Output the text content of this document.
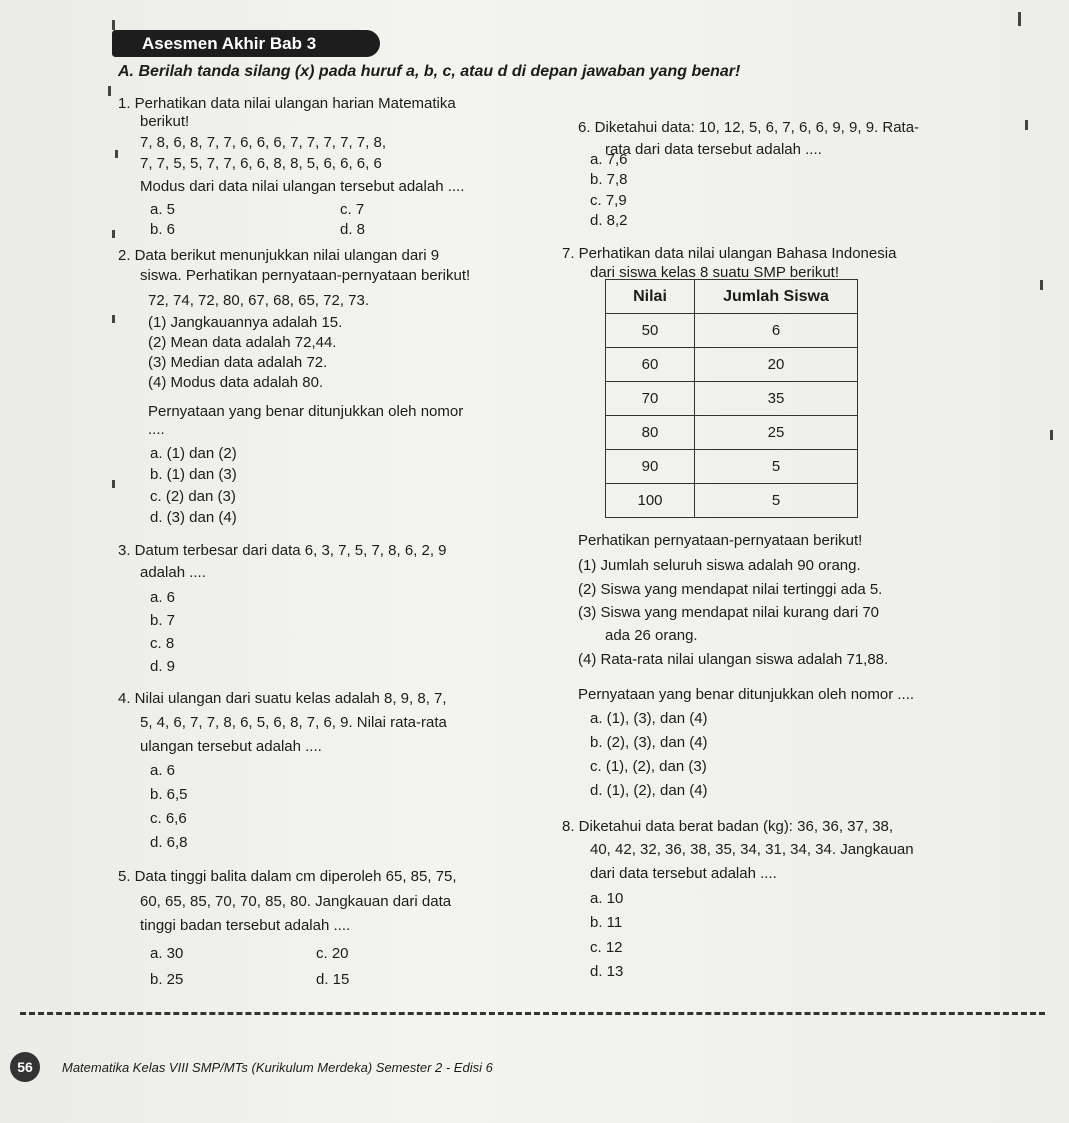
Asesmen Akhir Bab 3
A. Berilah tanda silang (x) pada huruf a, b, c, atau d di depan jawaban yang benar!
1. Perhatikan data nilai ulangan harian Matematika
berikut!
7, 8, 6, 8, 7, 7, 6, 6, 6, 7, 7, 7, 7, 7, 8,
7, 7, 5, 5, 7, 7, 6, 6, 8, 8, 5, 6, 6, 6, 6
Modus dari data nilai ulangan tersebut adalah ....
a. 5
b. 6
c. 7
d. 8
2. Data berikut menunjukkan nilai ulangan dari 9
siswa. Perhatikan pernyataan-pernyataan berikut!
72, 74, 72, 80, 67, 68, 65, 72, 73.
(1) Jangkauannya adalah 15.
(2) Mean data adalah 72,44.
(3) Median data adalah 72.
(4) Modus data adalah 80.
Pernyataan yang benar ditunjukkan oleh nomor
....
a. (1) dan (2)
b. (1) dan (3)
c. (2) dan (3)
d. (3) dan (4)
3. Datum terbesar dari data 6, 3, 7, 5, 7, 8, 6, 2, 9
adalah ....
a. 6
b. 7
c. 8
d. 9
4. Nilai ulangan dari suatu kelas adalah 8, 9, 8, 7,
5, 4, 6, 7, 7, 8, 6, 5, 6, 8, 7, 6, 9. Nilai rata-rata
ulangan tersebut adalah ....
a. 6
b. 6,5
c. 6,6
d. 6,8
5. Data tinggi balita dalam cm diperoleh 65, 85, 75,
60, 65, 85, 70, 70, 85, 80. Jangkauan dari data
tinggi badan tersebut adalah ....
a. 30
b. 25
c. 20
d. 15
6. Diketahui data: 10, 12, 5, 6, 7, 6, 6, 9, 9, 9. Rata-
rata dari data tersebut adalah ....
a. 7,6
b. 7,8
c. 7,9
d. 8,2
7. Perhatikan data nilai ulangan Bahasa Indonesia
dari siswa kelas 8 suatu SMP berikut!
Nilai	Jumlah Siswa
50	6
60	20
70	35
80	25
90	5
100	5
Perhatikan pernyataan-pernyataan berikut!
(1) Jumlah seluruh siswa adalah 90 orang.
(2) Siswa yang mendapat nilai tertinggi ada 5.
(3) Siswa yang mendapat nilai kurang dari 70
ada 26 orang.
(4) Rata-rata nilai ulangan siswa adalah 71,88.
Pernyataan yang benar ditunjukkan oleh nomor ....
a. (1), (3), dan (4)
b. (2), (3), dan (4)
c. (1), (2), dan (3)
d. (1), (2), dan (4)
8. Diketahui data berat badan (kg): 36, 36, 37, 38,
40, 42, 32, 36, 38, 35, 34, 31, 34, 34. Jangkauan
dari data tersebut adalah ....
a. 10
b. 11
c. 12
d. 13
56	Matematika Kelas VIII SMP/MTs (Kurikulum Merdeka) Semester 2 - Edisi 6
